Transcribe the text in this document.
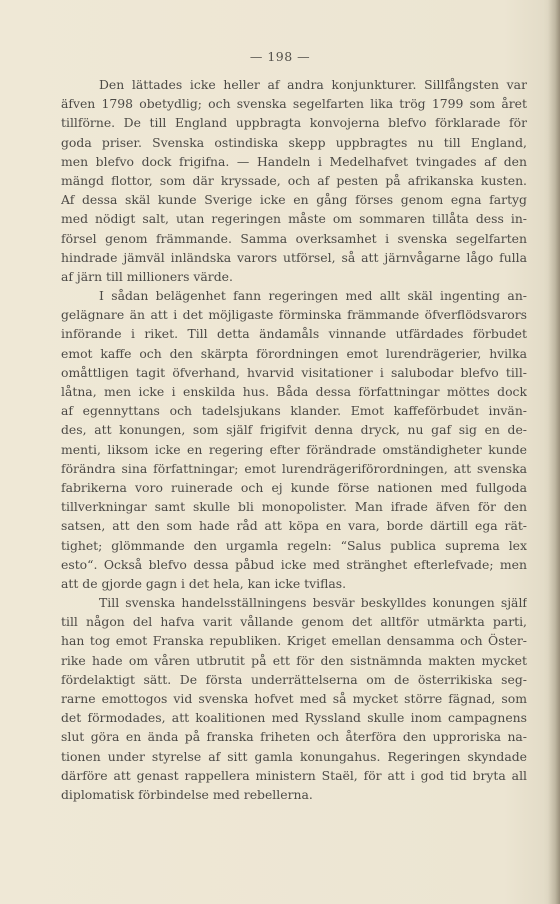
— 198 —
Den lättades icke heller af andra konjunkturer. Sillfångsten var
äfven 1798 obetydlig; och svenska segelfarten lika trög 1799 som året
tillförne. De till England uppbragta konvojerna blefvo förklarade för
goda priser. Svenska ostindiska skepp uppbragtes nu till England,
men blefvo dock frigifna. — Handeln i Medelhafvet tvingades af den
mängd flottor, som där kryssade, och af pesten på afrikanska kusten.
Af dessa skäl kunde Sverige icke en gång förses genom egna fartyg
med nödigt salt, utan regeringen måste om sommaren tillåta dess in-
försel genom främmande. Samma overksamhet i svenska segelfarten
hindrade jämväl inländska varors utförsel, så att järnvågarne lågo fulla
af järn till millioners värde.
I sådan belägenhet fann regeringen med allt skäl ingenting an-
gelägnare än att i det möjligaste förminska främmande öfverflödsvarors
införande i riket. Till detta ändamåls vinnande utfärdades förbudet
emot kaffe och den skärpta förordningen emot lurendrägerier, hvilka
omåttligen tagit öfverhand, hvarvid visitationer i salubodar blefvo till-
låtna, men icke i enskilda hus. Båda dessa författningar möttes dock
af egennyttans och tadelsjukans klander. Emot kaffeförbudet invän-
des, att konungen, som själf frigifvit denna dryck, nu gaf sig en de-
menti, liksom icke en regering efter förändrade omständigheter kunde
förändra sina författningar; emot lurendrägeriförordningen, att svenska
fabrikerna voro ruinerade och ej kunde förse nationen med fullgoda
tillverkningar samt skulle bli monopolister. Man ifrade äfven för den
satsen, att den som hade råd att köpa en vara, borde därtill ega rät-
tighet; glömmande den urgamla regeln: “Salus publica suprema lex
esto“. Också blefvo dessa påbud icke med stränghet efterlefvade; men
att de gjorde gagn i det hela, kan icke tviflas.
Till svenska handelsställningens besvär beskylldes konungen själf
till någon del hafva varit vållande genom det alltför utmärkta parti,
han tog emot Franska republiken. Kriget emellan densamma och Öster-
rike hade om våren utbrutit på ett för den sistnämnda makten mycket
fördelaktigt sätt. De första underrättelserna om de österrikiska seg-
rarne emottogos vid svenska hofvet med så mycket större fägnad, som
det förmodades, att koalitionen med Ryssland skulle inom campagnens
slut göra en ända på franska friheten och återföra den upproriska na-
tionen under styrelse af sitt gamla konungahus. Regeringen skyndade
därföre att genast rappellera ministern Staël, för att i god tid bryta all
diplomatisk förbindelse med rebellerna.
